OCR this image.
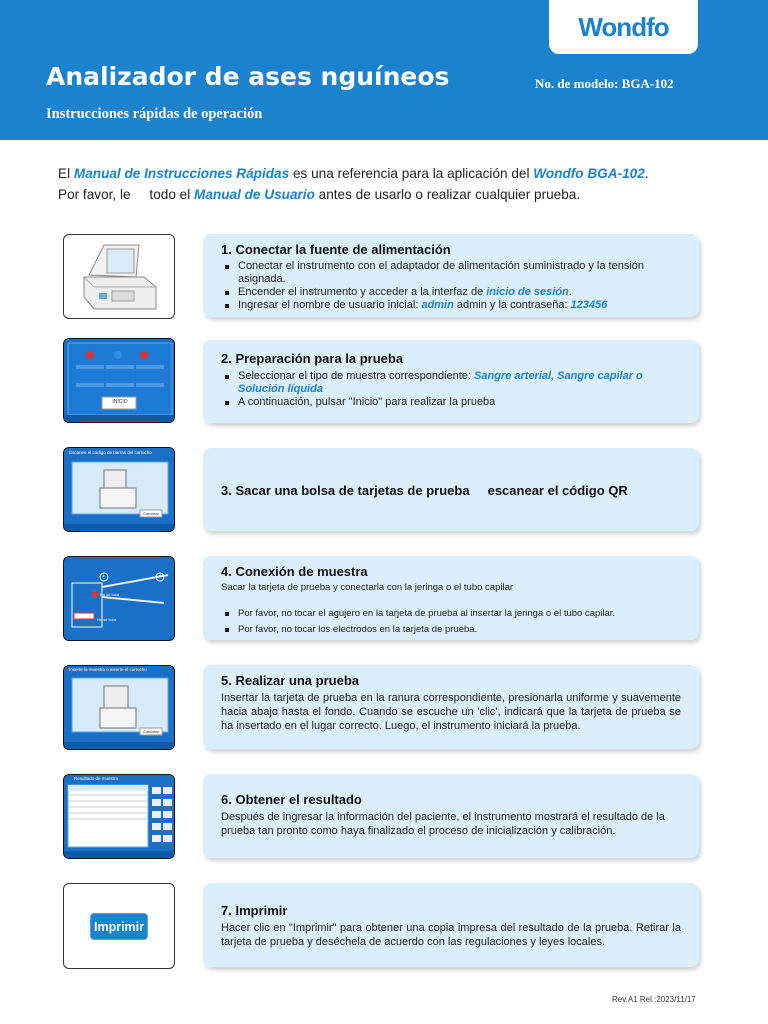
Wondfo
Analizador de ases nguíneos	No. de modelo: BGA-102
Instrucciones rápidas de operación
El Manual de Instrucciones Rápidas es una referencia para la aplicación del Wondfo BGA-102.
Por favor, le     todo el Manual de Usuario antes de usarlo o realizar cualquier prueba.
1. Conectar la fuente de alimentación
Conectar el instrumento con el adaptador de alimentación suministrado y la tensión asignada.
Encender el instrumento y acceder a la interfaz de inicio de sesión.
Ingresar el nombre de usuario inicial: admin admin y la contraseña: 123456
INICIO
2. Preparación para la prueba
Seleccionar el tipo de muestra correspondiente: Sangre arterial, Sangre capilar o Solución líquida
A continuación, pulsar "Inicio" para realizar la prueba
Escanee el código de barras del cartucho
Cancelar
3. Sacar una bolsa de tarjetas de prueba     escanear el código QR
1	2
No se toca
No se toca
4. Conexión de muestra

Sacar la tarjeta de prueba y conectarla con la jeringa o el tubo capilar

Por favor, no tocar el agujero en la tarjeta de prueba al insertar la jeringa o el tubo capilar.
Por favor, no tocar los electrodos en la tarjeta de prueba.
Inserte la muestra o inserte el cartucho
Cancelar
5. Realizar una prueba

Insertar la tarjeta de prueba en la ranura correspondiente, presionarla uniforme y suavemente hacia abajo hasta el fondo. Cuando se escuche un 'clic', indicará que la tarjeta de prueba se ha insertado en el lugar correcto. Luego, el instrumento iniciará la prueba.

Resultado de muestra
6. Obtener el resultado

Después de ingresar la información del paciente, el instrumento mostrará el resultado de la prueba tan pronto como haya finalizado el proceso de inicialización y calibración.

Imprimir
7. Imprimir

Hacer clic en "Imprimir" para obtener una copia impresa del resultado de la prueba. Retirar la tarjeta de prueba y deséchela de acuerdo con las regulaciones y leyes locales.

Rev.A1 Rel.:2023/11/17
